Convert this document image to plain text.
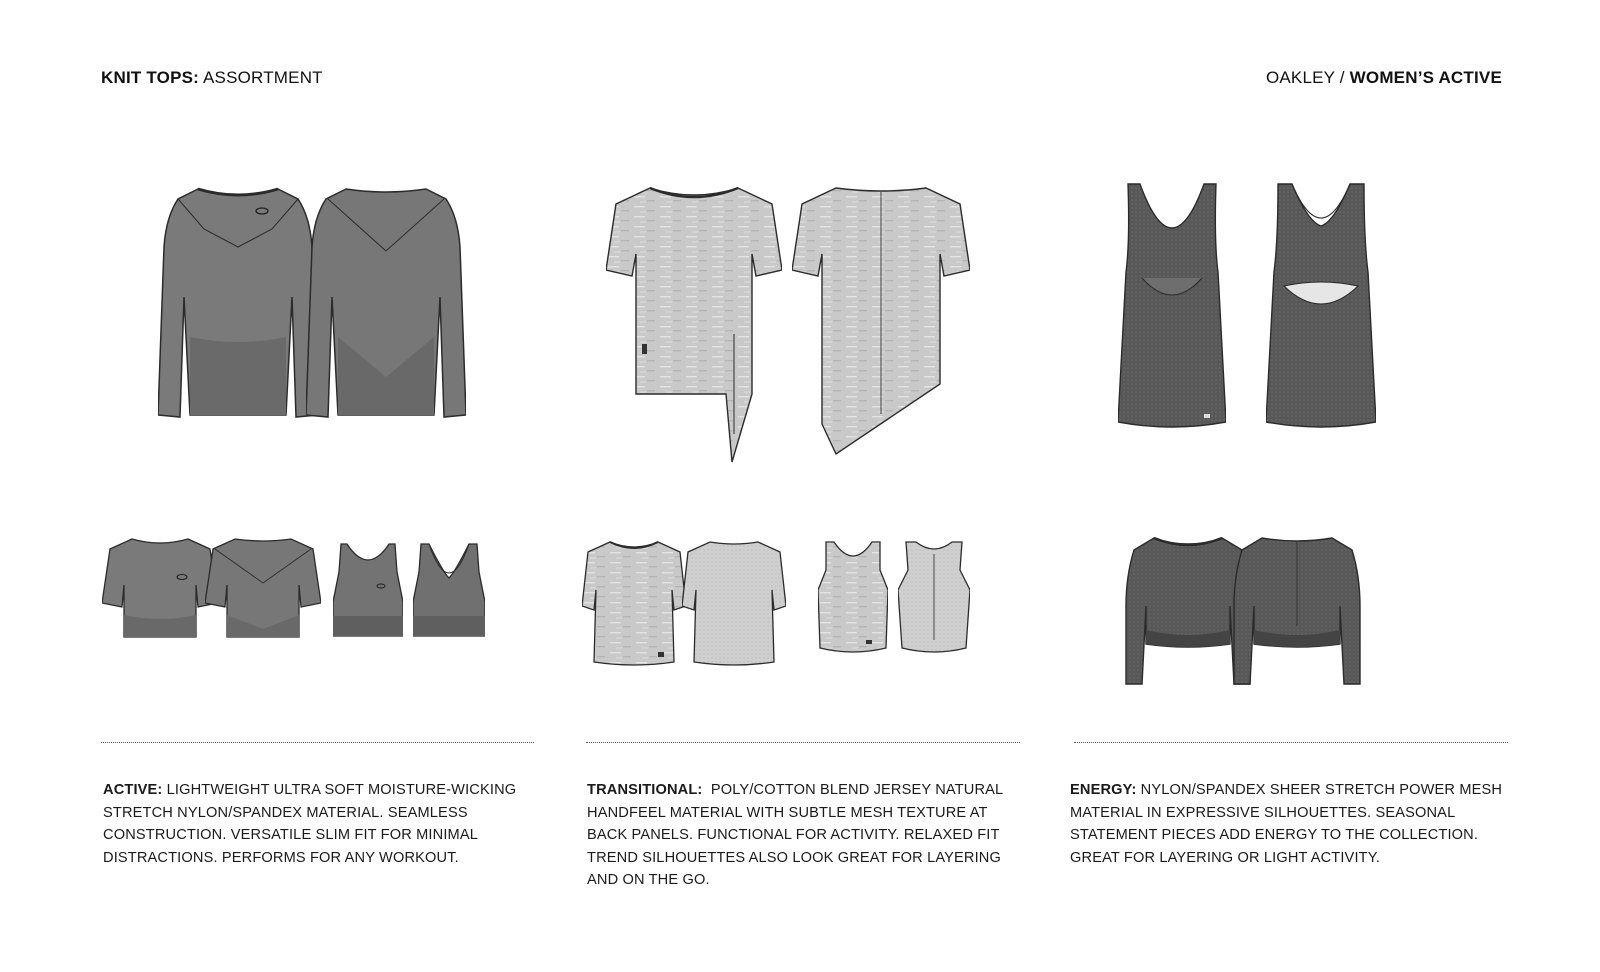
KNIT TOPS: ASSORTMENT	OAKLEY / WOMEN’S ACTIVE
ACTIVE: LIGHTWEIGHT ULTRA SOFT MOISTURE-WICKING STRETCH NYLON/SPANDEX MATERIAL. SEAMLESS CONSTRUCTION. VERSATILE SLIM FIT FOR MINIMAL DISTRACTIONS. PERFORMS FOR ANY WORKOUT.
TRANSITIONAL:  POLY/COTTON BLEND JERSEY NATURAL HANDFEEL MATERIAL WITH SUBTLE MESH TEXTURE AT BACK PANELS. FUNCTIONAL FOR ACTIVITY. RELAXED FIT TREND SILHOUETTES ALSO LOOK GREAT FOR LAYERING AND ON THE GO.
ENERGY: NYLON/SPANDEX SHEER STRETCH POWER MESH MATERIAL IN EXPRESSIVE SILHOUETTES. SEASONAL STATEMENT PIECES ADD ENERGY TO THE COLLECTION. GREAT FOR LAYERING OR LIGHT ACTIVITY.
